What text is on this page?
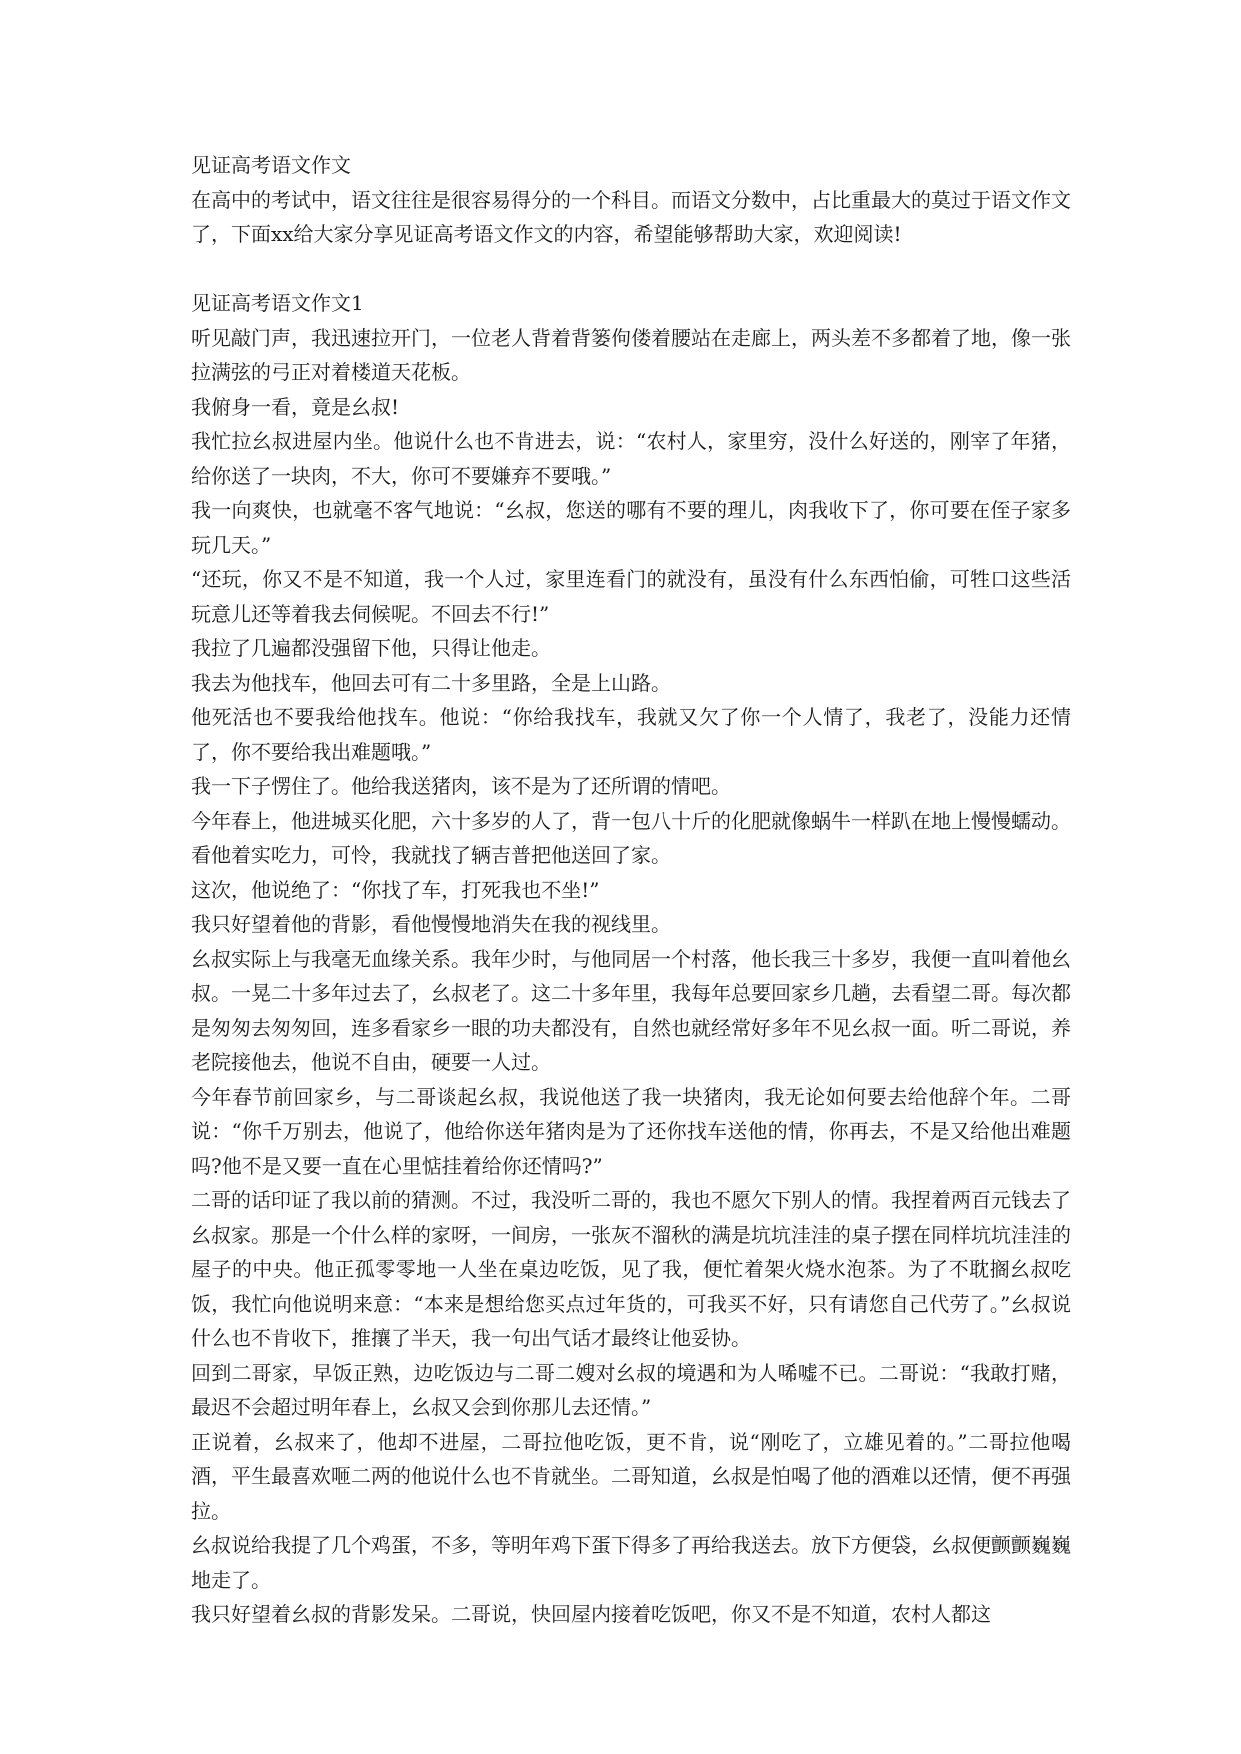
见证高考语文作文

在高中的考试中，语文往往是很容易得分的一个科目。而语文分数中，占比重最大的莫过于语文作文了，下面xx给大家分享见证高考语文作文的内容，希望能够帮助大家，欢迎阅读!

见证高考语文作文1

听见敲门声，我迅速拉开门，一位老人背着背篓佝偻着腰站在走廊上，两头差不多都着了地，像一张拉满弦的弓正对着楼道天花板。

我俯身一看，竟是幺叔!

我忙拉幺叔进屋内坐。他说什么也不肯进去，说：“农村人，家里穷，没什么好送的，刚宰了年猪，给你送了一块肉，不大，你可不要嫌弃不要哦。”

我一向爽快，也就毫不客气地说：“幺叔，您送的哪有不要的理儿，肉我收下了，你可要在侄子家多玩几天。”

“还玩，你又不是不知道，我一个人过，家里连看门的就没有，虽没有什么东西怕偷，可牲口这些活玩意儿还等着我去伺候呢。不回去不行!”

我拉了几遍都没强留下他，只得让他走。

我去为他找车，他回去可有二十多里路，全是上山路。

他死活也不要我给他找车。他说：“你给我找车，我就又欠了你一个人情了，我老了，没能力还情了，你不要给我出难题哦。”

我一下子愣住了。他给我送猪肉，该不是为了还所谓的情吧。

今年春上，他进城买化肥，六十多岁的人了，背一包八十斤的化肥就像蜗牛一样趴在地上慢慢蠕动。看他着实吃力，可怜，我就找了辆吉普把他送回了家。

这次，他说绝了：“你找了车，打死我也不坐!”

我只好望着他的背影，看他慢慢地消失在我的视线里。

幺叔实际上与我毫无血缘关系。我年少时，与他同居一个村落，他长我三十多岁，我便一直叫着他幺叔。一晃二十多年过去了，幺叔老了。这二十多年里，我每年总要回家乡几趟，去看望二哥。每次都是匆匆去匆匆回，连多看家乡一眼的功夫都没有，自然也就经常好多年不见幺叔一面。听二哥说，养老院接他去，他说不自由，硬要一人过。

今年春节前回家乡，与二哥谈起幺叔，我说他送了我一块猪肉，我无论如何要去给他辞个年。二哥说：“你千万别去，他说了，他给你送年猪肉是为了还你找车送他的情，你再去，不是又给他出难题吗?他不是又要一直在心里惦挂着给你还情吗?”

二哥的话印证了我以前的猜测。不过，我没听二哥的，我也不愿欠下别人的情。我捏着两百元钱去了幺叔家。那是一个什么样的家呀，一间房，一张灰不溜秋的满是坑坑洼洼的桌子摆在同样坑坑洼洼的屋子的中央。他正孤零零地一人坐在桌边吃饭，见了我，便忙着架火烧水泡茶。为了不耽搁幺叔吃饭，我忙向他说明来意：“本来是想给您买点过年货的，可我买不好，只有请您自己代劳了。”幺叔说什么也不肯收下，推攘了半天，我一句出气话才最终让他妥协。

回到二哥家，早饭正熟，边吃饭边与二哥二嫂对幺叔的境遇和为人唏嘘不已。二哥说：“我敢打赌，最迟不会超过明年春上，幺叔又会到你那儿去还情。”

正说着，幺叔来了，他却不进屋，二哥拉他吃饭，更不肯，说“刚吃了，立雄见着的。”二哥拉他喝酒，平生最喜欢咂二两的他说什么也不肯就坐。二哥知道，幺叔是怕喝了他的酒难以还情，便不再强拉。

幺叔说给我提了几个鸡蛋，不多，等明年鸡下蛋下得多了再给我送去。放下方便袋，幺叔便颤颤巍巍地走了。

我只好望着幺叔的背影发呆。二哥说，快回屋内接着吃饭吧，你又不是不知道，农村人都这
